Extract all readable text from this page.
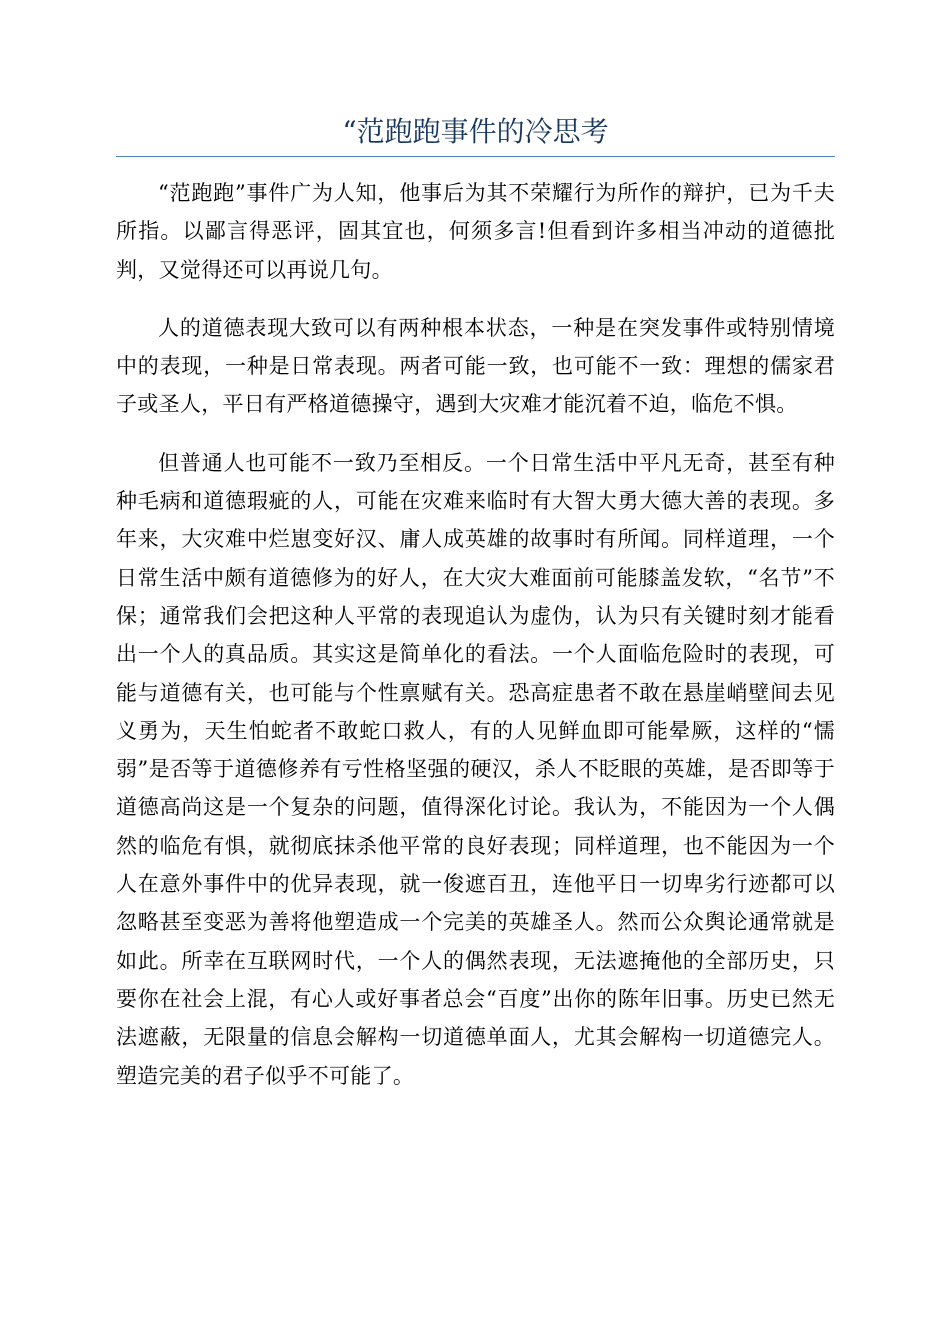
“范跑跑事件的冷思考

“范跑跑”事件广为人知，他事后为其不荣耀行为所作的辩护，已为千夫所指。以鄙言得恶评，固其宜也，何须多言!但看到许多相当冲动的道德批判，又觉得还可以再说几句。

人的道德表现大致可以有两种根本状态，一种是在突发事件或特别情境中的表现，一种是日常表现。两者可能一致，也可能不一致：理想的儒家君子或圣人，平日有严格道德操守，遇到大灾难才能沉着不迫，临危不惧。

但普通人也可能不一致乃至相反。一个日常生活中平凡无奇，甚至有种种毛病和道德瑕疵的人，可能在灾难来临时有大智大勇大德大善的表现。多年来，大灾难中烂崽变好汉、庸人成英雄的故事时有所闻。同样道理，一个日常生活中颇有道德修为的好人，在大灾大难面前可能膝盖发软，“名节”不保；通常我们会把这种人平常的表现追认为虚伪，认为只有关键时刻才能看出一个人的真品质。其实这是简单化的看法。一个人面临危险时的表现，可能与道德有关，也可能与个性禀赋有关。恐高症患者不敢在悬崖峭壁间去见义勇为，天生怕蛇者不敢蛇口救人，有的人见鲜血即可能晕厥，这样的“懦弱”是否等于道德修养有亏性格坚强的硬汉，杀人不眨眼的英雄，是否即等于道德高尚这是一个复杂的问题，值得深化讨论。我认为，不能因为一个人偶然的临危有惧，就彻底抹杀他平常的良好表现；同样道理，也不能因为一个人在意外事件中的优异表现，就一俊遮百丑，连他平日一切卑劣行迹都可以忽略甚至变恶为善将他塑造成一个完美的英雄圣人。然而公众舆论通常就是如此。所幸在互联网时代，一个人的偶然表现，无法遮掩他的全部历史，只要你在社会上混，有心人或好事者总会“百度”出你的陈年旧事。历史已然无法遮蔽，无限量的信息会解构一切道德单面人，尤其会解构一切道德完人。塑造完美的君子似乎不可能了。
